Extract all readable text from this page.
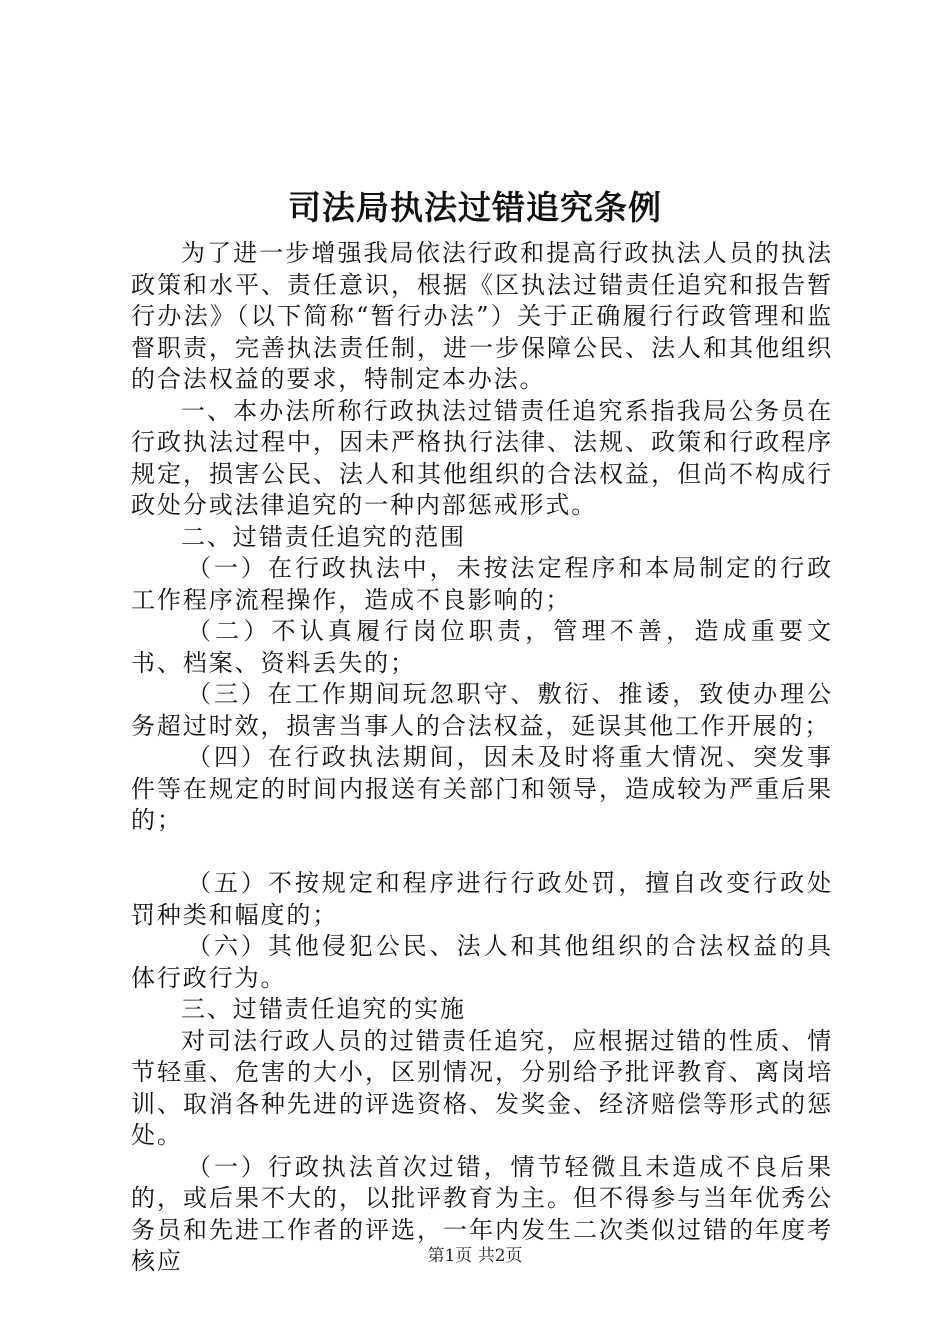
司法局执法过错追究条例

为了进一步增强我局依法行政和提高行政执法人员的执法政策和水平、责任意识，根据《区执法过错责任追究和报告暂行办法》（以下简称“暂行办法”）关于正确履行行政管理和监督职责，完善执法责任制，进一步保障公民、法人和其他组织的合法权益的要求，特制定本办法。

一、本办法所称行政执法过错责任追究系指我局公务员在行政执法过程中，因未严格执行法律、法规、政策和行政程序规定，损害公民、法人和其他组织的合法权益，但尚不构成行政处分或法律追究的一种内部惩戒形式。

二、过错责任追究的范围

（一）在行政执法中，未按法定程序和本局制定的行政工作程序流程操作，造成不良影响的；

（二）不认真履行岗位职责，管理不善，造成重要文书、档案、资料丢失的；

（三）在工作期间玩忽职守、敷衍、推诿，致使办理公务超过时效，损害当事人的合法权益，延误其他工作开展的；

（四）在行政执法期间，因未及时将重大情况、突发事件等在规定的时间内报送有关部门和领导，造成较为严重后果的；

（五）不按规定和程序进行行政处罚，擅自改变行政处罚种类和幅度的；

（六）其他侵犯公民、法人和其他组织的合法权益的具体行政行为。

三、过错责任追究的实施

对司法行政人员的过错责任追究，应根据过错的性质、情节轻重、危害的大小，区别情况，分别给予批评教育、离岗培训、取消各种先进的评选资格、发奖金、经济赔偿等形式的惩处。

（一）行政执法首次过错，情节轻微且未造成不良后果的，或后果不大的，以批评教育为主。但不得参与当年优秀公务员和先进工作者的评选，一年内发生二次类似过错的年度考核应	第1页 共2页
